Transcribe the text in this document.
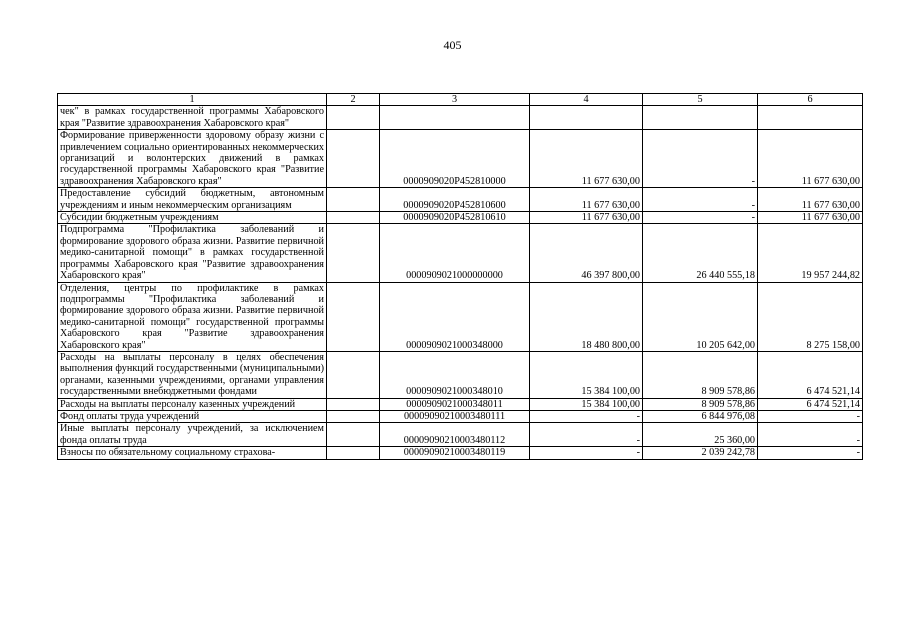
405
1	2	3	4	5	6
чек" в рамках государственной программы Хабаровского края "Развитие здравоохранения Хабаровского края"					
Формирование приверженности здоровому образу жизни с привлечением социально ориентированных некоммерческих организаций и волонтерских движений в рамках государственной программы Хабаровского края "Развитие здравоохранения Хабаровского края"		0000909020P452810000	11 677 630,00	-	11 677 630,00
Предоставление субсидий бюджетным, автономным учреждениям и иным некоммерческим организациям		0000909020P452810600	11 677 630,00	-	11 677 630,00
Субсидии бюджетным учреждениям		0000909020P452810610	11 677 630,00	-	11 677 630,00
Подпрограмма "Профилактика заболеваний и формирование здорового образа жизни. Развитие первичной медико-санитарной помощи" в рамках государственной программы Хабаровского края "Развитие здравоохранения Хабаровского края"		0000909021000000000	46 397 800,00	26 440 555,18	19 957 244,82
Отделения, центры по профилактике в рамках подпрограммы "Профилактика заболеваний и формирование здорового образа жизни. Развитие первичной медико-санитарной помощи" государственной программы Хабаровского края "Развитие здравоохранения Хабаровского края"		0000909021000348000	18 480 800,00	10 205 642,00	8 275 158,00
Расходы на выплаты персоналу в целях обеспечения выполнения функций государственными (муниципальными) органами, казенными учреждениями, органами управления государственными внебюджетными фондами		0000909021000348010	15 384 100,00	8 909 578,86	6 474 521,14
Расходы на выплаты персоналу казенных учреждений		0000909021000348011	15 384 100,00	8 909 578,86	6 474 521,14
Фонд оплаты труда учреждений		00009090210003480111	-	6 844 976,08	-
Иные выплаты персоналу учреждений, за исключением фонда оплаты труда		00009090210003480112	-	25 360,00	-
Взносы по обязательному социальному страхова-		00009090210003480119	-	2 039 242,78	-
